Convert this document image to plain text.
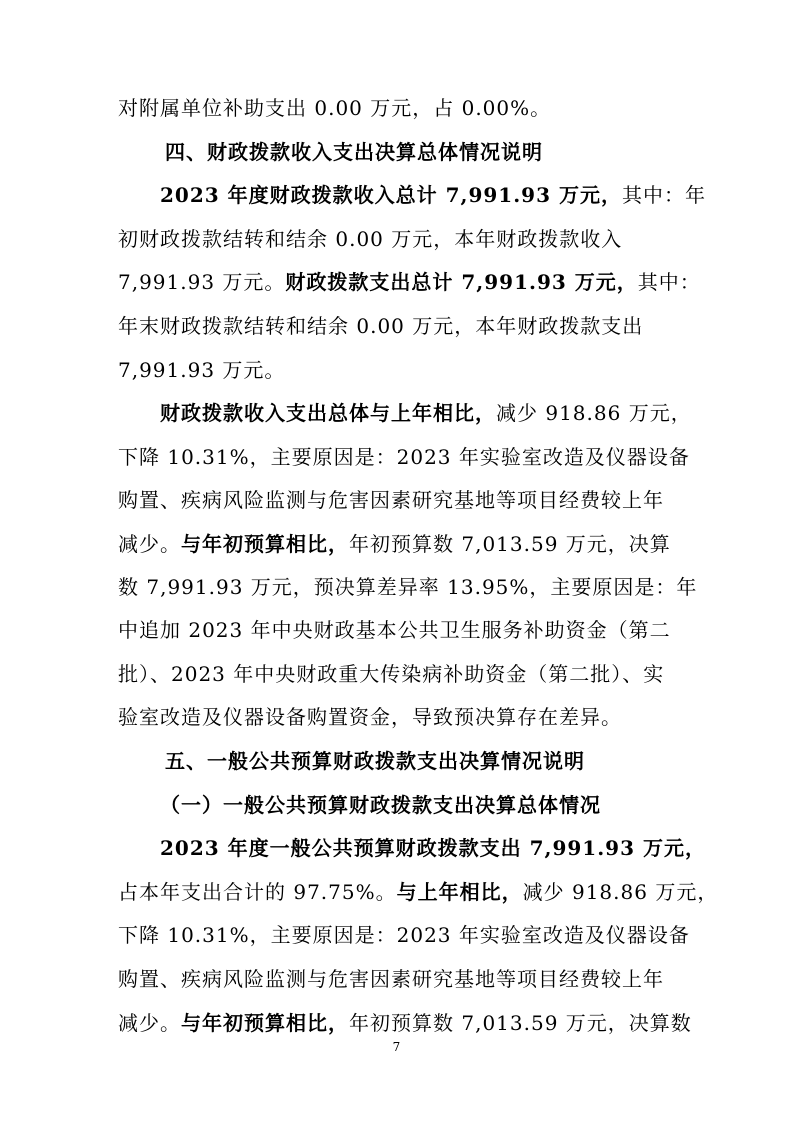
对附属单位补助支出 0.00 万元，占 0.00%。
四、财政拨款收入支出决算总体情况说明
2023 年度财政拨款收入总计 7,991.93 万元，其中：年
初财政拨款结转和结余 0.00 万元，本年财政拨款收入
7,991.93 万元。财政拨款支出总计 7,991.93 万元，其中：
年末财政拨款结转和结余 0.00 万元，本年财政拨款支出
7,991.93 万元。
财政拨款收入支出总体与上年相比，减少 918.86 万元，
下降 10.31%，主要原因是：2023 年实验室改造及仪器设备
购置、疾病风险监测与危害因素研究基地等项目经费较上年
减少。与年初预算相比，年初预算数 7,013.59 万元，决算
数 7,991.93 万元，预决算差异率 13.95%，主要原因是：年
中追加 2023 年中央财政基本公共卫生服务补助资金（第二
批）、2023 年中央财政重大传染病补助资金（第二批）、实
验室改造及仪器设备购置资金，导致预决算存在差异。
五、一般公共预算财政拨款支出决算情况说明
（一）一般公共预算财政拨款支出决算总体情况
2023 年度一般公共预算财政拨款支出 7,991.93 万元，
占本年支出合计的 97.75%。与上年相比，减少 918.86 万元，
下降 10.31%，主要原因是：2023 年实验室改造及仪器设备
购置、疾病风险监测与危害因素研究基地等项目经费较上年
减少。与年初预算相比，年初预算数 7,013.59 万元，决算数
7
